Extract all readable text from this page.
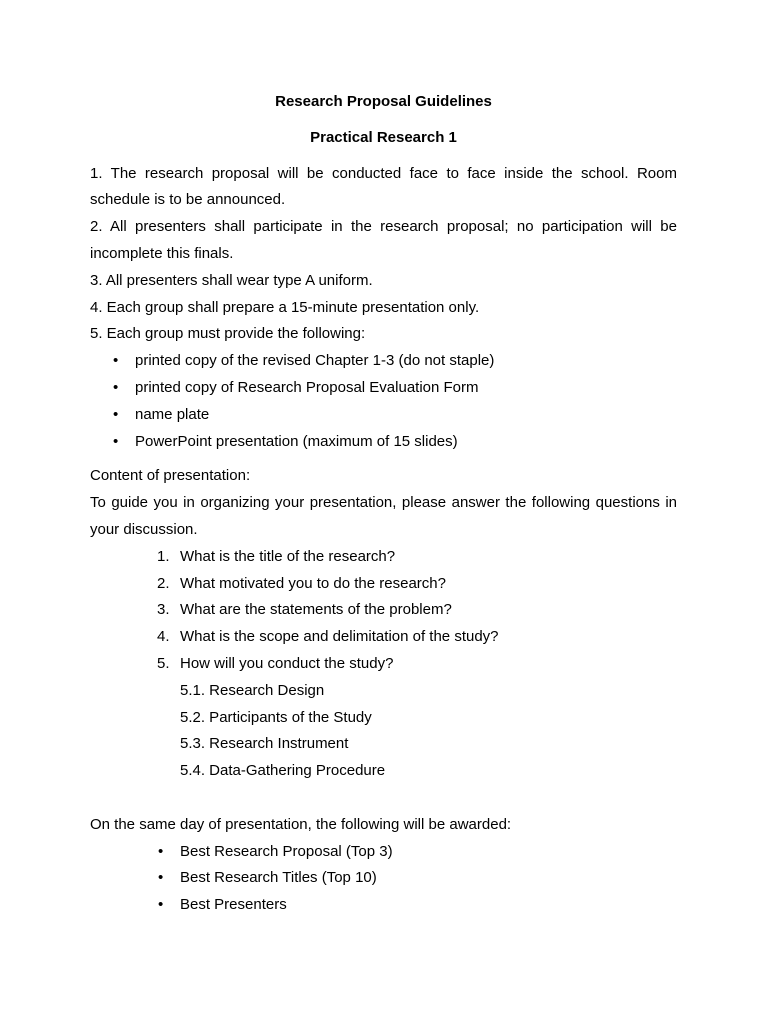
Research Proposal Guidelines

Practical Research 1

1. The research proposal will be conducted face to face inside the school. Room schedule is to be announced.

2. All presenters shall participate in the research proposal; no participation will be incomplete this finals.

3. All presenters shall wear type A uniform.

4. Each group shall prepare a 15-minute presentation only.

5. Each group must provide the following:

• printed copy of the revised Chapter 1-3 (do not staple)
• printed copy of Research Proposal Evaluation Form
• name plate
• PowerPoint presentation (maximum of 15 slides)

Content of presentation:

To guide you in organizing your presentation, please answer the following questions in your discussion.

1. What is the title of the research?
2. What motivated you to do the research?
3. What are the statements of the problem?
4. What is the scope and delimitation of the study?
5. How will you conduct the study?
5.1. Research Design
5.2. Participants of the Study
5.3. Research Instrument
5.4. Data-Gathering Procedure

On the same day of presentation, the following will be awarded:

• Best Research Proposal (Top 3)
• Best Research Titles (Top 10)
• Best Presenters
